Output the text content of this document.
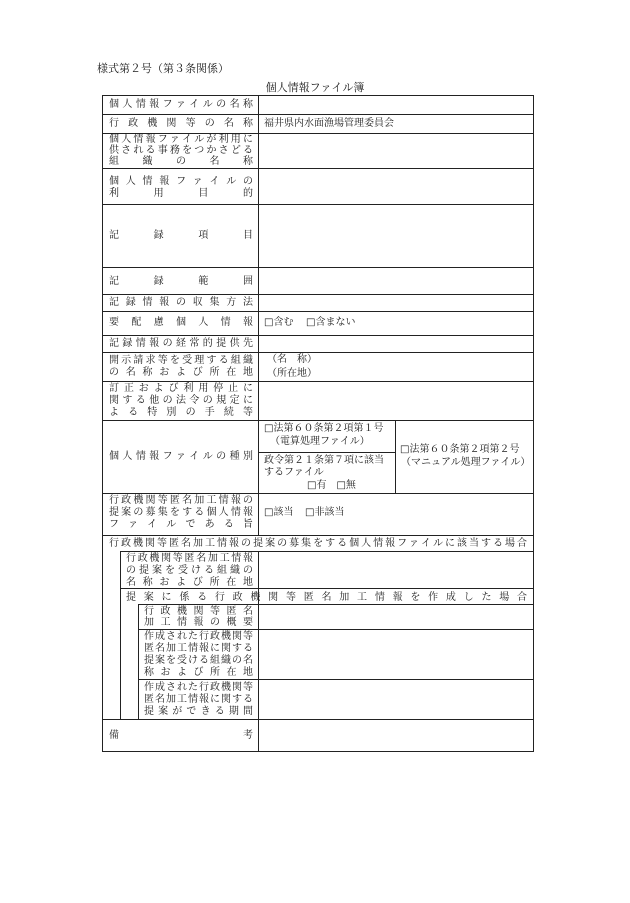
様式第２号（第３条関係）
個人情報ファイル簿
個人情報ファイルの名称
行政機関等の名称 福井県内水面漁場管理委員会
個人情報ファイルが利用に
供される事務をつかさどる
組織の名称
個人情報ファイルの
利用目的
記録項目
記録範囲
記録情報の収集方法
要配慮個人情報 □含む □含まない
記録情報の経常的提供先
開示請求等を受理する組織
の名称および所在地
（名　称）
（所在地）
訂正および利用停止に
関する他の法令の規定に
よる特別の手続等
個人情報ファイルの種別
□法第６０条第２項第１号
（電算処理ファイル）
政令第２１条第７項に該当
するファイル
□有　□無
□法第６０条第２項第２号
（マニュアル処理ファイル）
行政機関等匿名加工情報の
提案の募集をする個人情報
ファイルである旨
□該当 □非該当
行政機関等匿名加工情報の提案の募集をする個人情報ファイルに該当する場合
行政機関等匿名加工情報
の提案を受ける組織の
名称および所在地
提案に係る行政機関等匿名加工情報を作成した場合
行政機関等匿名
加工情報の概要
作成された行政機関等
匿名加工情報に関する
提案を受ける組織の名
称および所在地
作成された行政機関等
匿名加工情報に関する
提案ができる期間
備考
